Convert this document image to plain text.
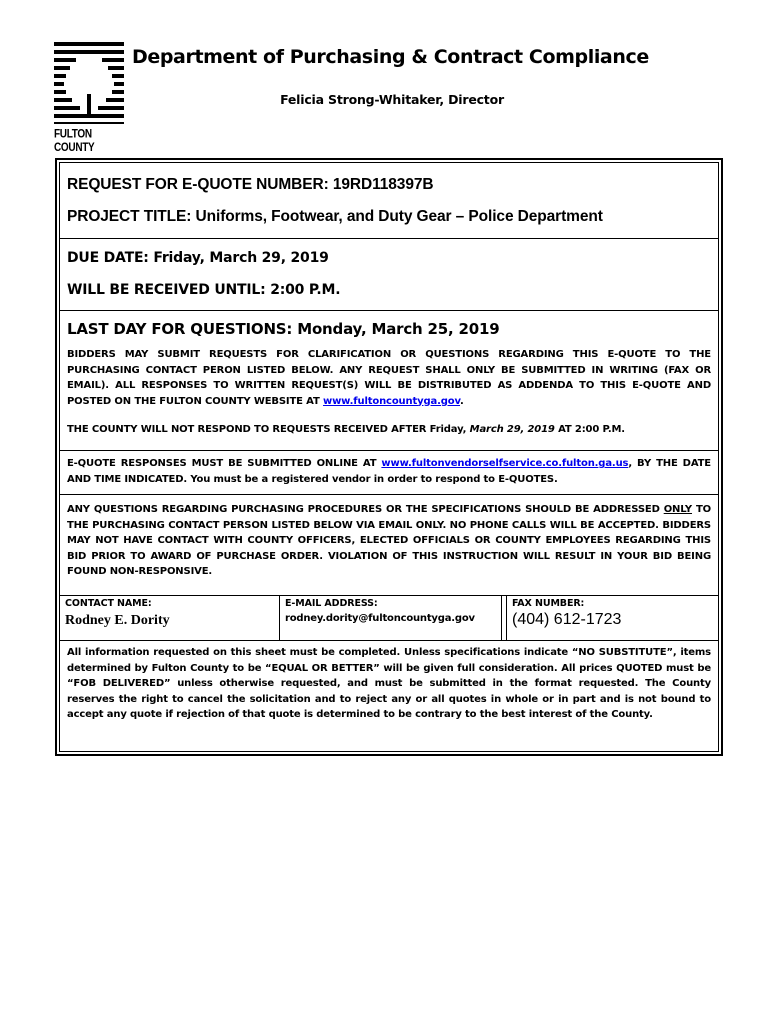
FULTON COUNTY
Department of Purchasing & Contract Compliance
Felicia Strong-Whitaker, Director
REQUEST FOR E-QUOTE NUMBER: 19RD118397B
PROJECT TITLE: Uniforms, Footwear, and Duty Gear – Police Department
DUE DATE: Friday, March 29, 2019
WILL BE RECEIVED UNTIL: 2:00 P.M.
LAST DAY FOR QUESTIONS: Monday, March 25, 2019
BIDDERS MAY SUBMIT REQUESTS FOR CLARIFICATION OR QUESTIONS REGARDING THIS E-QUOTE TO THE PURCHASING CONTACT PERON LISTED BELOW. ANY REQUEST SHALL ONLY BE SUBMITTED IN WRITING (FAX OR EMAIL). ALL RESPONSES TO WRITTEN REQUEST(S) WILL BE DISTRIBUTED AS ADDENDA TO THIS E-QUOTE AND POSTED ON THE FULTON COUNTY WEBSITE AT www.fultoncountyga.gov.
THE COUNTY WILL NOT RESPOND TO REQUESTS RECEIVED AFTER Friday, March 29, 2019 AT 2:00 P.M.
E-QUOTE RESPONSES MUST BE SUBMITTED ONLINE AT www.fultonvendorselfservice.co.fulton.ga.us, BY THE DATE AND TIME INDICATED. You must be a registered vendor in order to respond to E-QUOTES.
ANY QUESTIONS REGARDING PURCHASING PROCEDURES OR THE SPECIFICATIONS SHOULD BE ADDRESSED ONLY TO THE PURCHASING CONTACT PERSON LISTED BELOW VIA EMAIL ONLY. NO PHONE CALLS WILL BE ACCEPTED. BIDDERS MAY NOT HAVE CONTACT WITH COUNTY OFFICERS, ELECTED OFFICIALS OR COUNTY EMPLOYEES REGARDING THIS BID PRIOR TO AWARD OF PURCHASE ORDER. VIOLATION OF THIS INSTRUCTION WILL RESULT IN YOUR BID BEING FOUND NON-RESPONSIVE.
CONTACT NAME:
Rodney E. Dority
E-MAIL ADDRESS:
rodney.dority@fultoncountyga.gov
FAX NUMBER:
(404) 612-1723
All information requested on this sheet must be completed. Unless specifications indicate “NO SUBSTITUTE”, items determined by Fulton County to be “EQUAL OR BETTER” will be given full consideration. All prices QUOTED must be “FOB DELIVERED” unless otherwise requested, and must be submitted in the format requested. The County reserves the right to cancel the solicitation and to reject any or all quotes in whole or in part and is not bound to accept any quote if rejection of that quote is determined to be contrary to the best interest of the County.
